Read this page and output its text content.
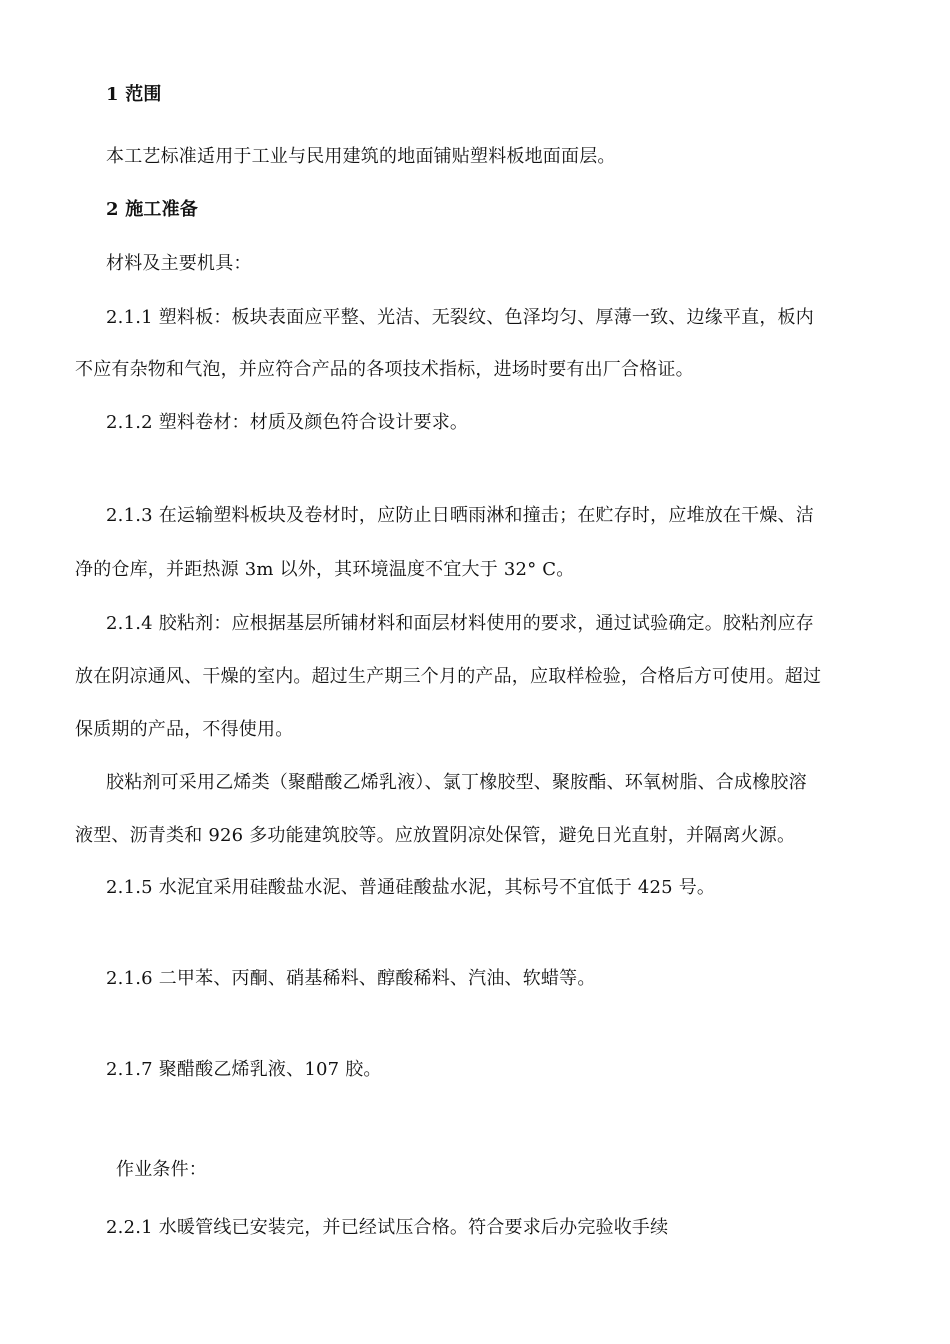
1 范围
本工艺标准适用于工业与民用建筑的地面铺贴塑料板地面面层。
2 施工准备
材料及主要机具：
2.1.1 塑料板：板块表面应平整、光洁、无裂纹、色泽均匀、厚薄一致、边缘平直，板内
不应有杂物和气泡，并应符合产品的各项技术指标，进场时要有出厂合格证。
2.1.2 塑料卷材：材质及颜色符合设计要求。
2.1.3 在运输塑料板块及卷材时，应防止日晒雨淋和撞击；在贮存时，应堆放在干燥、洁
净的仓库，并距热源 3m 以外，其环境温度不宜大于 32° C。
2.1.4 胶粘剂：应根据基层所铺材料和面层材料使用的要求，通过试验确定。胶粘剂应存
放在阴凉通风、干燥的室内。超过生产期三个月的产品，应取样检验，合格后方可使用。超过
保质期的产品，不得使用。
胶粘剂可采用乙烯类（聚醋酸乙烯乳液）、氯丁橡胶型、聚胺酯、环氧树脂、合成橡胶溶
液型、沥青类和 926 多功能建筑胶等。应放置阴凉处保管，避免日光直射，并隔离火源。
2.1.5 水泥宜采用硅酸盐水泥、普通硅酸盐水泥，其标号不宜低于 425 号。
2.1.6 二甲苯、丙酮、硝基稀料、醇酸稀料、汽油、软蜡等。
2.1.7 聚醋酸乙烯乳液、107 胶。
作业条件：
2.2.1 水暖管线已安装完，并已经试压合格。符合要求后办完验收手续
